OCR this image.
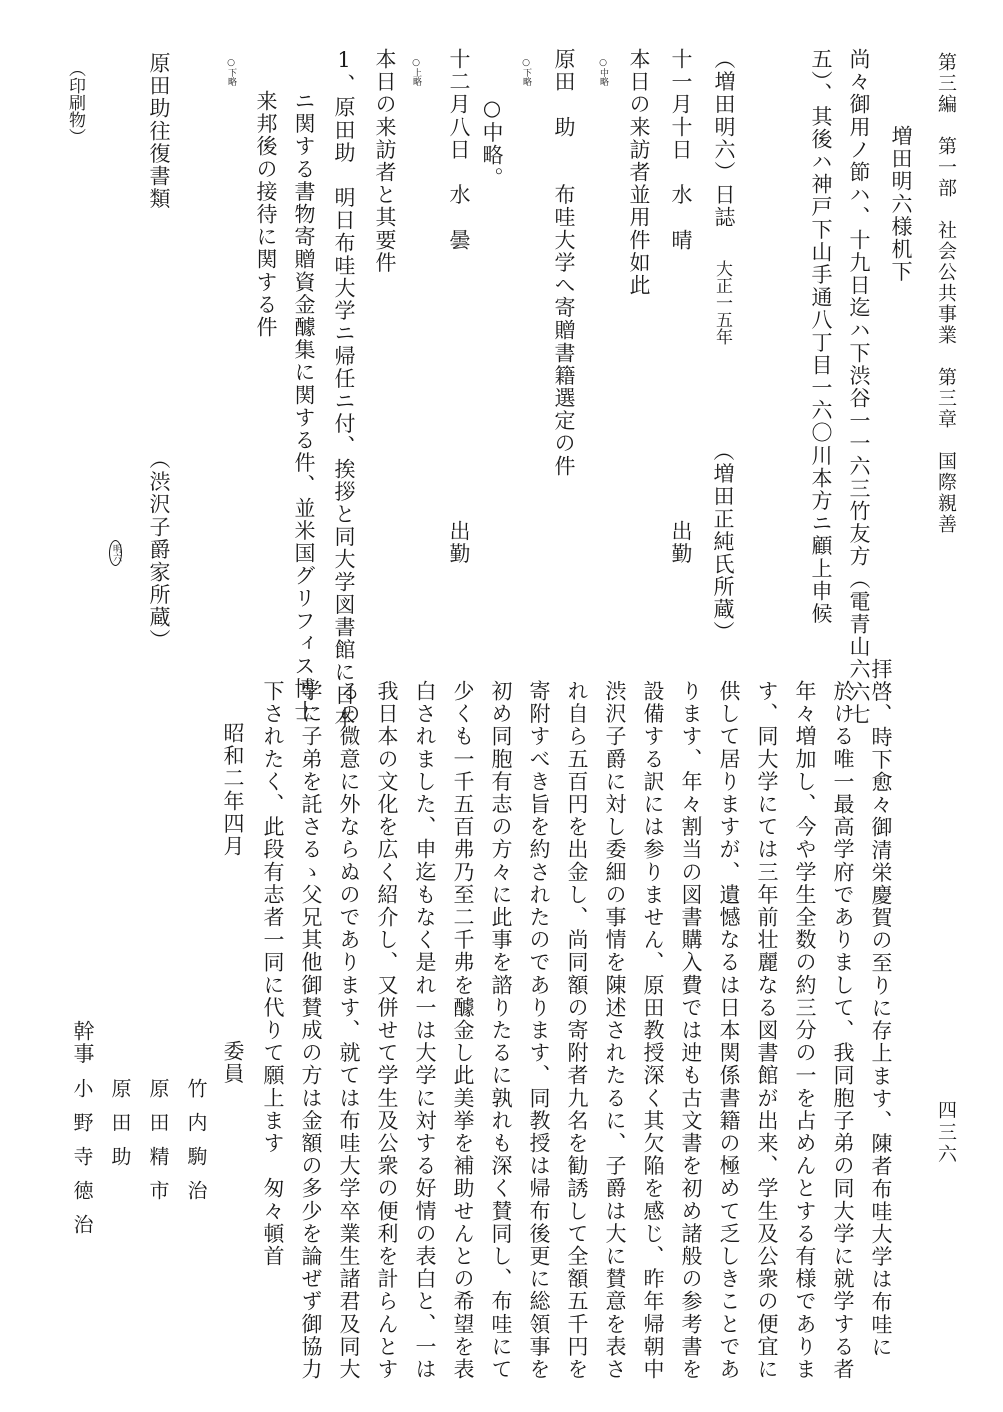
第三編　第一部　社会公共事業　第三章　国際親善
四三六
増田明六様机下
尚々御用ノ節ハ、十九日迄ハ下渋谷一一六三竹友方（電青山六六七
五）、其後ハ神戸下山手通八丁目一六〇川本方ニ顧上申候
（増田正純氏所蔵）
（増田明六）日誌
大正一五年
十一月十日　水　晴
出勤
本日の来訪者並用件如此
原田　助　　布哇大学へ寄贈書籍選定の件
○中略。
十二月八日　水　曇
出勤
本日の来訪者と其要件
1、原田助　明日布哇大学ニ帰任ニ付、挨拶と同大学図書館に日本
ニ関する書物寄贈資金醵集に関する件、並米国グリフィス博士
来邦後の接待に関する件
原田助往復書類
（渋沢子爵家所蔵）
（印刷物）	○中略
○下略
○上略
○下略
明六
拝啓、時下愈々御清栄慶賀の至りに存上ます、陳者布哇大学は布哇に
於ける唯一最高学府でありまして、我同胞子弟の同大学に就学する者
年々増加し、今や学生全数の約三分の一を占めんとする有様でありま
す、同大学にては三年前壮麗なる図書館が出来、学生及公衆の便宜に
供して居りますが、遺憾なるは日本関係書籍の極めて乏しきことであ
ります、年々割当の図書購入費では迚も古文書を初め諸般の参考書を
設備する訳には参りません、原田教授深く其欠陥を感じ、昨年帰朝中
渋沢子爵に対し委細の事情を陳述されたるに、子爵は大に賛意を表さ
れ自ら五百円を出金し、尚同額の寄附者九名を勧誘して全額五千円を
寄附すべき旨を約されたのであります、同教授は帰布後更に総領事を
初め同胞有志の方々に此事を諮りたるに孰れも深く賛同し、布哇にて
少くも一千五百弗乃至二千弗を醵金し此美挙を補助せんとの希望を表
白されました、申迄もなく是れ一は大学に対する好情の表白と、一は
我日本の文化を広く紹介し、又併せて学生及公衆の便利を計らんとす
るの微意に外ならぬのであります、就ては布哇大学卒業生諸君及同大
学に子弟を託さるゝ父兄其他御賛成の方は金額の多少を論ぜず御協力
下されたく、此段有志者一同に代りて願上ます　匆々頓首
昭和二年四月
委員
竹内駒治
原田精市
原田助
幹事
小野寺徳治
